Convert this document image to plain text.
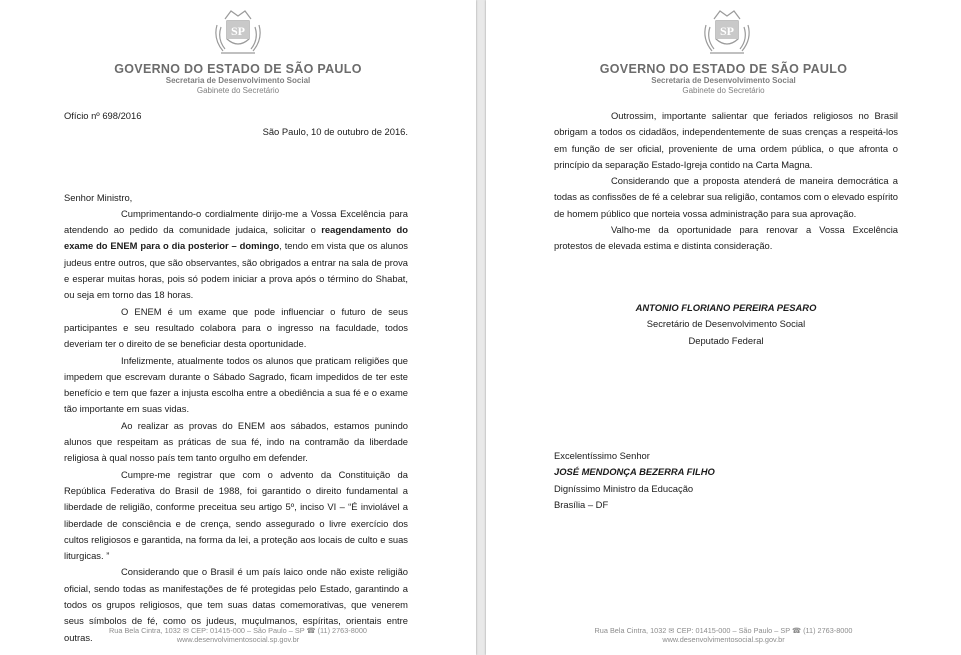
SP
GOVERNO DO ESTADO DE SÃO PAULO
Secretaria de Desenvolvimento Social
Gabinete do Secretário

Ofício nº 698/2016

São Paulo, 10 de outubro de 2016.

Senhor Ministro,

Cumprimentando-o cordialmente dirijo-me a Vossa Excelência para atendendo ao pedido da comunidade judaica, solicitar o reagendamento do exame do ENEM para o dia posterior – domingo, tendo em vista que os alunos judeus entre outros, que são observantes, são obrigados a entrar na sala de prova e esperar muitas horas, pois só podem iniciar a prova após o término do Shabat, ou seja em torno das 18 horas.

O ENEM é um exame que pode influenciar o futuro de seus participantes e seu resultado colabora para o ingresso na faculdade, todos deveriam ter o direito de se beneficiar desta oportunidade.

Infelizmente, atualmente todos os alunos que praticam religiões que impedem que escrevam durante o Sábado Sagrado, ficam impedidos de ter este benefício e tem que fazer a injusta escolha entre a obediência a sua fé e o exame tão importante em suas vidas.

Ao realizar as provas do ENEM aos sábados, estamos punindo alunos que respeitam as práticas de sua fé, indo na contramão da liberdade religiosa à qual nosso país tem tanto orgulho em defender.

Cumpre-me registrar que com o advento da Constituição da República Federativa do Brasil de 1988, foi garantido o direito fundamental a liberdade de religião, conforme preceitua seu artigo 5º, inciso VI – “É inviolável a liberdade de consciência e de crença, sendo assegurado o livre exercício dos cultos religiosos e garantida, na forma da lei, a proteção aos locais de culto e suas liturgicas. ”

Considerando que o Brasil é um país laico onde não existe religião oficial, sendo todas as manifestações de fé protegidas pelo Estado, garantindo a todos os grupos religiosos, que tem suas datas comemorativas, que venerem seus símbolos de fé, como os judeus, muçulmanos, espíritas, orientais entre outras.

Rua Bela Cintra, 1032 ✉ CEP: 01415-000 – São Paulo – SP ☎ (11) 2763-8000
www.desenvolvimentosocial.sp.gov.br
SP
GOVERNO DO ESTADO DE SÃO PAULO
Secretaria de Desenvolvimento Social
Gabinete do Secretário

Outrossim, importante salientar que feriados religiosos no Brasil obrigam a todos os cidadãos, independentemente de suas crenças a respeitá-los em função de ser oficial, proveniente de uma ordem pública, o que afronta o princípio da separação Estado-Igreja contido na Carta Magna.

Considerando que a proposta atenderá de maneira democrática a todas as confissões de fé a celebrar sua religião, contamos com o elevado espírito de homem público que norteia vossa administração para sua aprovação.

Valho-me da oportunidade para renovar a Vossa Excelência protestos de elevada estima e distinta consideração.

ANTONIO FLORIANO PEREIRA PESARO

Secretário de Desenvolvimento Social

Deputado Federal

Excelentíssimo Senhor

JOSÉ MENDONÇA BEZERRA FILHO

Digníssimo Ministro da Educação

Brasília – DF

Rua Bela Cintra, 1032 ✉ CEP: 01415-000 – São Paulo – SP ☎ (11) 2763-8000
www.desenvolvimentosocial.sp.gov.br
